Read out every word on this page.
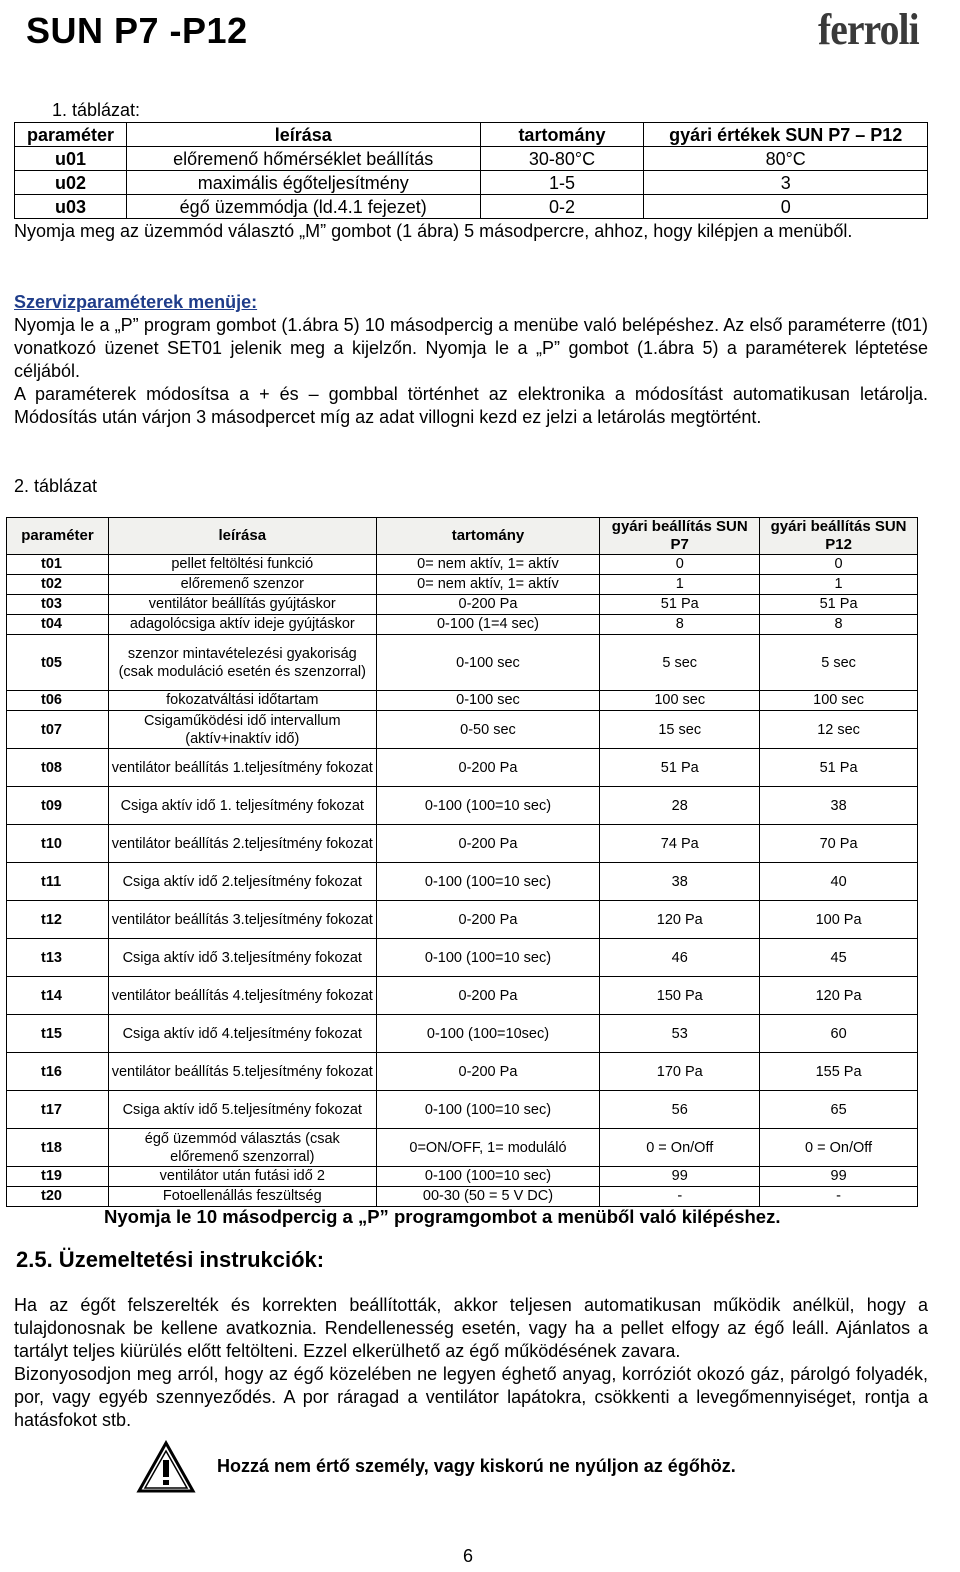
SUN P7 -P12	ferroli
1. táblázat:
paraméter	leírása	tartomány	gyári értékek SUN P7 – P12
u01	előremenő hőmérséklet beállítás	30-80°C	80°C
u02	maximális égőteljesítmény	1-5	3
u03	égő üzemmódja (ld.4.1 fejezet)	0-2	0
Nyomja meg az üzemmód választó „M” gombot (1 ábra) 5 másodpercre, ahhoz, hogy kilépjen a menüből.
Szervizparaméterek menüje:
Nyomja le a „P” program gombot (1.ábra 5) 10 másodpercig a menübe való belépéshez. Az első paraméterre (t01) vonatkozó üzenet SET01 jelenik meg a kijelzőn. Nyomja le a „P” gombot (1.ábra 5) a paraméterek léptetése céljából.
A paraméterek módosítsa a + és – gombbal történhet az elektronika a módosítást automatikusan letárolja. Módosítás után várjon 3 másodpercet míg az adat villogni kezd ez jelzi a letárolás megtörtént.
2. táblázat
paraméter	leírása	tartomány	gyári beállítás SUN P7	gyári beállítás SUN P12
t01	pellet feltöltési funkció	0= nem aktív, 1= aktív	0	0
t02	előremenő szenzor	0= nem aktív, 1= aktív	1	1
t03	ventilátor beállítás gyújtáskor	0-200 Pa	51 Pa	51 Pa
t04	adagolócsiga aktív ideje gyújtáskor	0-100 (1=4 sec)	8	8
t05	szenzor mintavételezési gyakoriság (csak moduláció esetén és szenzorral)	0-100 sec	5 sec	5 sec
t06	fokozatváltási időtartam	0-100 sec	100 sec	100 sec
t07	Csigaműködési idő intervallum (aktív+inaktív idő)	0-50 sec	15 sec	12 sec
t08	ventilátor beállítás 1.teljesítmény fokozat	0-200 Pa	51 Pa	51 Pa
t09	Csiga aktív idő 1. teljesítmény fokozat	0-100 (100=10 sec)	28	38
t10	ventilátor beállítás 2.teljesítmény fokozat	0-200 Pa	74 Pa	70 Pa
t11	Csiga aktív idő 2.teljesítmény fokozat	0-100 (100=10 sec)	38	40
t12	ventilátor beállítás 3.teljesítmény fokozat	0-200 Pa	120 Pa	100 Pa
t13	Csiga aktív idő 3.teljesítmény fokozat	0-100 (100=10 sec)	46	45
t14	ventilátor beállítás 4.teljesítmény fokozat	0-200 Pa	150 Pa	120 Pa
t15	Csiga aktív idő 4.teljesítmény fokozat	0-100 (100=10sec)	53	60
t16	ventilátor beállítás 5.teljesítmény fokozat	0-200 Pa	170 Pa	155 Pa
t17	Csiga aktív idő 5.teljesítmény fokozat	0-100 (100=10 sec)	56	65
t18	égő üzemmód választás (csak előremenő szenzorral)	0=ON/OFF, 1= moduláló	0 = On/Off	0 = On/Off
t19	ventilátor után futási idő 2	0-100 (100=10 sec)	99	99
t20	Fotoellenállás feszültség	00-30 (50 = 5 V DC)	-	-
Nyomja le 10 másodpercig a „P” programgombot a menüből való kilépéshez.
2.5. Üzemeltetési instrukciók:
Ha az égőt felszerelték és korrekten beállították, akkor teljesen automatikusan működik anélkül, hogy a tulajdonosnak be kellene avatkoznia. Rendellenesség esetén, vagy ha a pellet elfogy az égő leáll. Ajánlatos a tartályt teljes kiürülés előtt feltölteni. Ezzel elkerülhető az égő működésének zavara.
Bizonyosodjon meg arról, hogy az égő közelében ne legyen éghető anyag, korróziót okozó gáz, párolgó folyadék, por, vagy egyéb szennyeződés. A por ráragad a ventilátor lapátokra, csökkenti a levegőmennyiséget, rontja a hatásfokot stb.
Hozzá nem értő személy, vagy kiskorú ne nyúljon az égőhöz.
6
